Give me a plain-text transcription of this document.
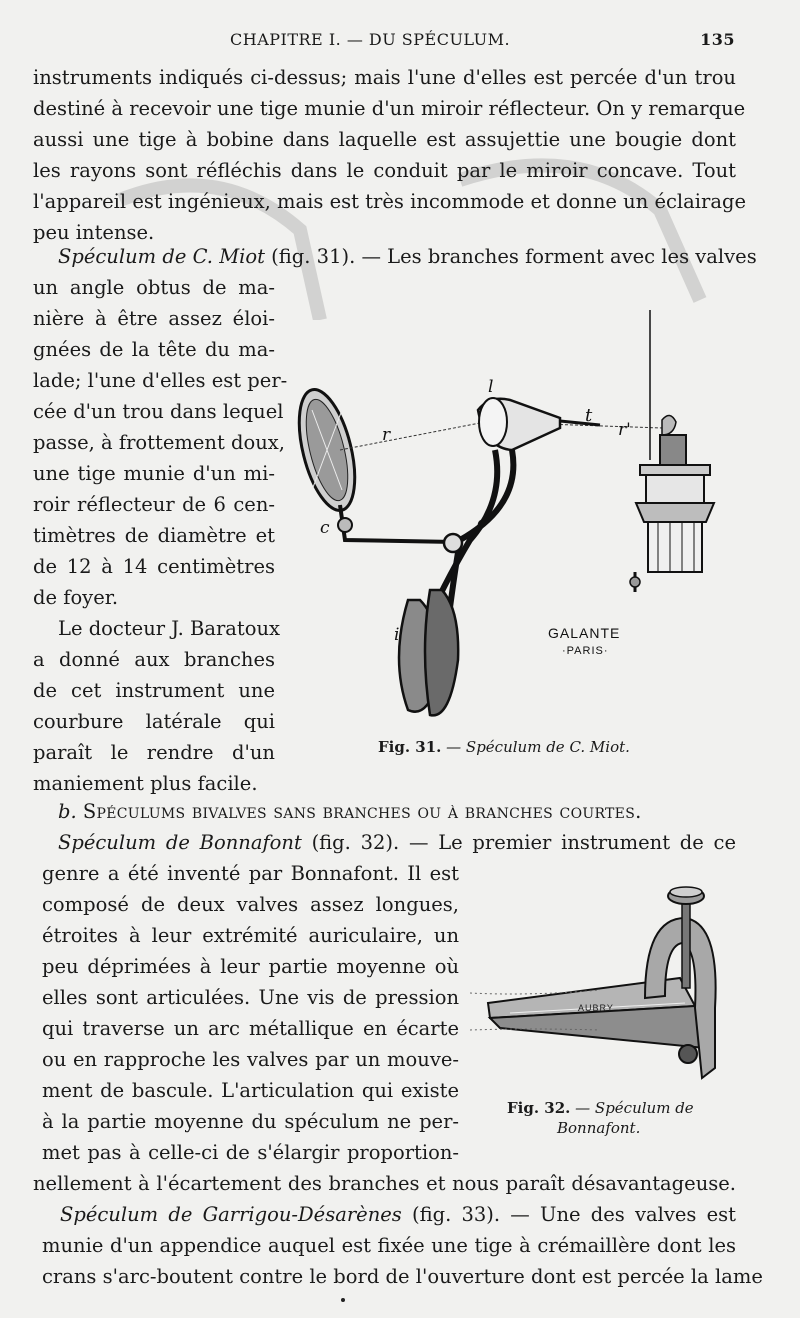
CHAPITRE I. — DU SPÉCULUM.	135
instruments indiqués ci-dessus; mais l'une d'elles est percée d'un trou
destiné à recevoir une tige munie d'un miroir réflecteur. On y remarque
aussi une tige à bobine dans laquelle est assujettie une bougie dont
les rayons sont réfléchis dans le conduit par le miroir concave. Tout
l'appareil est ingénieux, mais est très incommode et donne un éclairage
peu intense.
Spéculum de C. Miot (fig. 31). — Les branches forment avec les valves
un angle obtus de ma-
nière à être assez éloi-
gnées de la tête du ma-
lade; l'une d'elles est per-
cée d'un trou dans lequel
passe, à frottement doux,
une tige munie d'un mi-
roir réflecteur de 6 cen-
timètres de diamètre et
de 12 à 14 centimètres
de foyer.
Le docteur J. Baratoux
a donné aux branches
de cet instrument une
courbure latérale qui
paraît le rendre d'un
maniement plus facile.
l
t
r	r'
c	o
i	GALANTE
·PARIS·
Fig. 31. — Spéculum de C. Miot.
b. Spéculums bivalves sans branches ou à branches courtes.
Spéculum de Bonnafont (fig. 32). — Le premier instrument de ce
genre a été inventé par Bonnafont. Il est
composé de deux valves assez longues,
étroites à leur extrémité auriculaire, un
peu déprimées à leur partie moyenne où
elles sont articulées. Une vis de pression
qui traverse un arc métallique en écarte
ou en rapproche les valves par un mouve-
ment de bascule. L'articulation qui existe
à la partie moyenne du spéculum ne per-
met pas à celle-ci de s'élargir proportion-
nellement à l'écartement des branches et nous paraît désavantageuse.
AUBRY
Fig. 32. — Spéculum de
Bonnafont.
Spéculum de Garrigou-Désarènes (fig. 33). — Une des valves est
munie d'un appendice auquel est fixée une tige à crémaillère dont les
crans s'arc-boutent contre le bord de l'ouverture dont est percée la lame
